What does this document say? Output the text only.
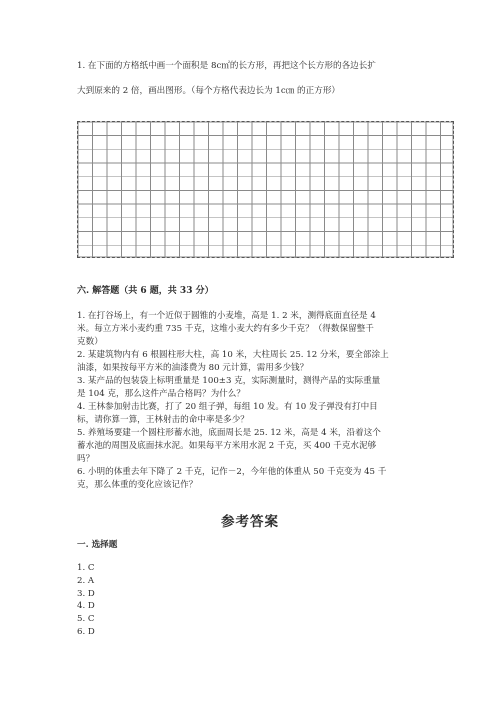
1. 在下面的方格纸中画一个面积是 8c㎡的长方形，再把这个长方形的各边长扩
大到原来的 2 倍，画出图形。（每个方格代表边长为 1c㎝ 的正方形）
六. 解答题（共 6 题，共 33 分）
1. 在打谷场上，有一个近似于圆锥的小麦堆，高是 1. 2 米，测得底面直径是 4
米。每立方米小麦约重 735 千克，这堆小麦大约有多少千克？（得数保留整千
克数）
2. 某建筑物内有 6 根圆柱形大柱，高 10 米，大柱周长 25. 12 分米，要全部涂上
油漆，如果按每平方米的油漆费为 80 元计算，需用多少钱？
3. 某产品的包装袋上标明重量是 100±3 克，实际测量时，测得产品的实际重量
是 104 克，那么这件产品合格吗？为什么？
4. 王林参加射击比赛，打了 20 组子弹，每组 10 发。有 10 发子弹没有打中目
标，请你算一算，王林射击的命中率是多少？
5. 养殖场要建一个圆柱形蓄水池，底面周长是 25. 12 米，高是 4 米，沿着这个
蓄水池的周围及底面抹水泥。如果每平方米用水泥 2 千克，买 400 千克水泥够
吗？
6. 小明的体重去年下降了 2 千克，记作－2，今年他的体重从 50 千克变为 45 千
克，那么体重的变化应该记作？
参考答案
一. 选择题
1. C
2. A
3. D
4. D
5. C
6. D
